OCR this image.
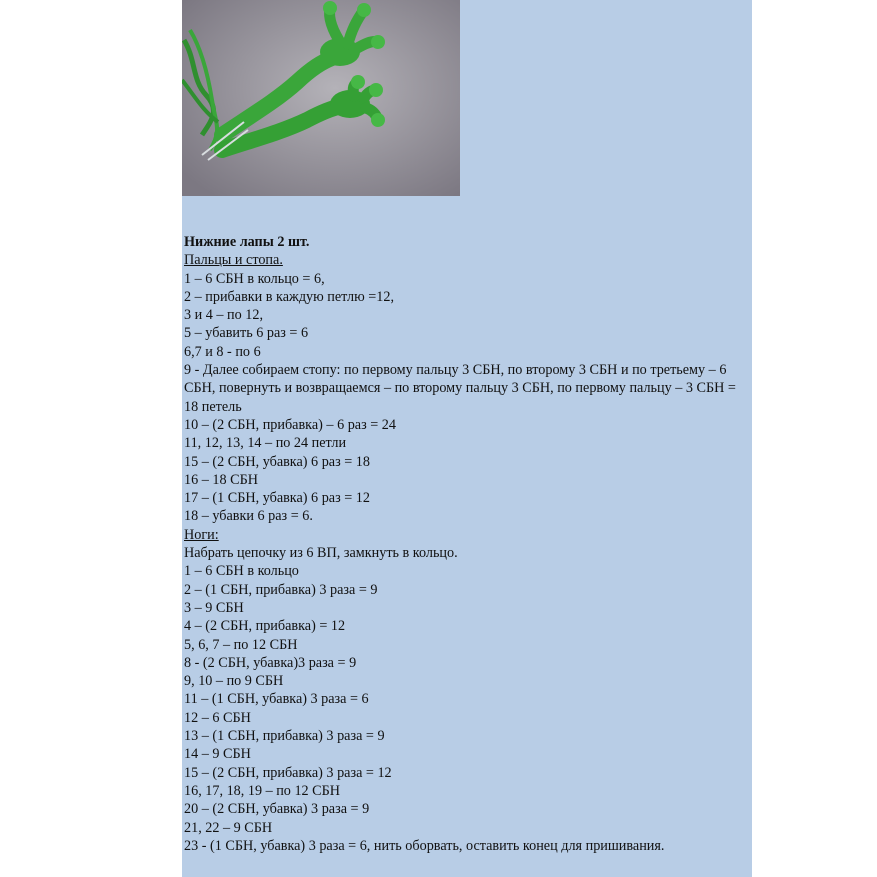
Нижние лапы 2 шт.
Пальцы и стопа.
1 – 6 СБН в кольцо = 6,
2 – прибавки в каждую петлю =12,
3 и 4 – по 12,
5 – убавить 6 раз = 6
6,7 и 8 - по 6
9 - Далее собираем стопу: по первому пальцу 3 СБН, по второму 3 СБН и по третьему – 6 СБН, повернуть и возвращаемся – по второму пальцу 3 СБН, по первому пальцу – 3 СБН = 18 петель
10 – (2 СБН, прибавка) – 6 раз = 24
11, 12, 13, 14 – по 24 петли
15 – (2 СБН, убавка) 6 раз = 18
16 – 18 СБН
17 – (1 СБН, убавка) 6 раз = 12
18 – убавки 6 раз = 6.
Ноги:
Набрать цепочку из 6 ВП, замкнуть в кольцо.
1 – 6 СБН в кольцо
2 – (1 СБН, прибавка) 3 раза = 9
3 – 9 СБН
4 – (2 СБН, прибавка) = 12
5, 6, 7 – по 12 СБН
8 - (2 СБН, убавка)3 раза = 9
9, 10 – по 9 СБН
11 – (1 СБН, убавка) 3 раза = 6
12 – 6 СБН
13 – (1 СБН, прибавка) 3 раза = 9
14 – 9 СБН
15 – (2 СБН, прибавка) 3 раза = 12
16, 17, 18, 19 – по 12 СБН
20 – (2 СБН, убавка) 3 раза = 9
21, 22 – 9 СБН
23 - (1 СБН, убавка) 3 раза = 6, нить оборвать, оставить конец для пришивания.
